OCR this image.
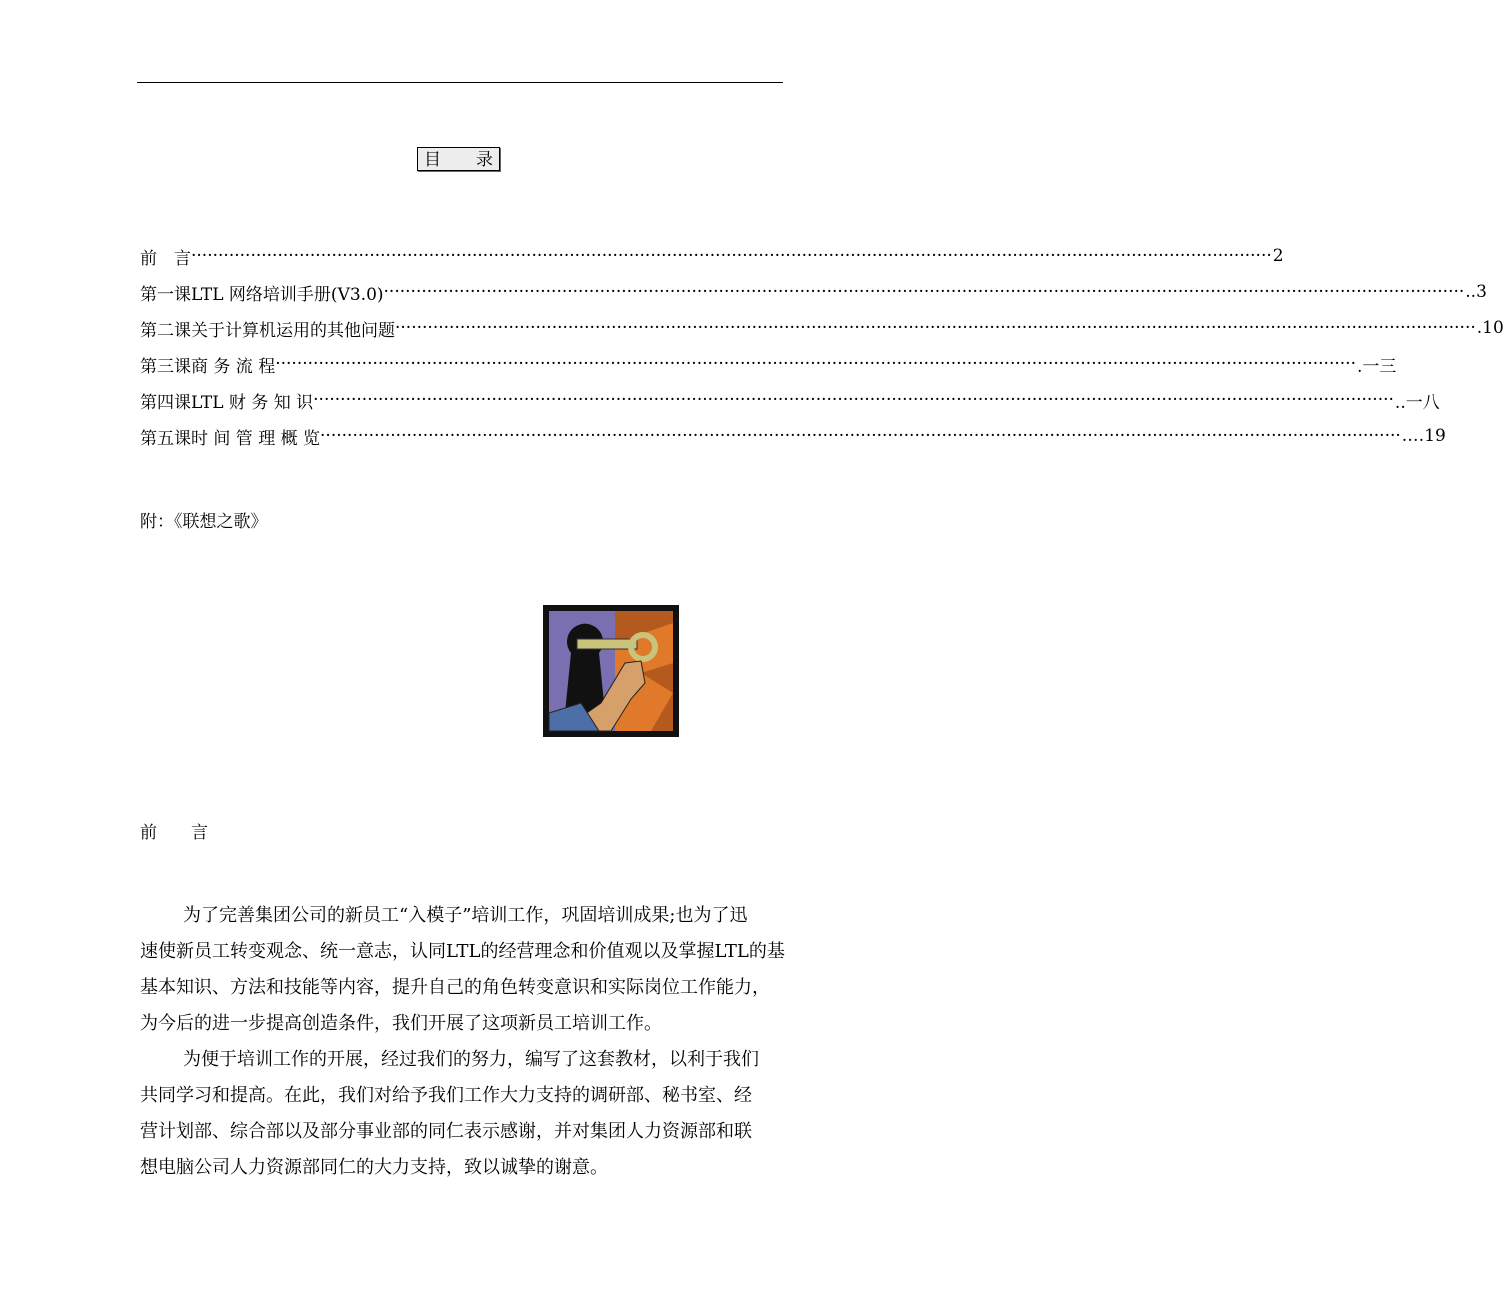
目 录
前　言 ········································································································································································································ 2
第一课 LTL 网络培训手册(V3.0) ········································································································································································································ ..3
第二课 关于计算机运用的其他问题 ········································································································································································································ .10
第三课 商 务 流 程 ········································································································································································································ .一三
第四课 LTL 财 务 知 识 ········································································································································································································ ..一八
第五课 时 间 管 理 概 览 ········································································································································································································ .…19
附：《联想之歌》
前　　言
为了完善集团公司的新员工“入模子”培训工作，巩固培训成果;也为了迅
速使新员工转变观念、统一意志，认同LTL的经营理念和价值观以及掌握LTL的基
基本知识、方法和技能等内容，提升自己的角色转变意识和实际岗位工作能力，
为今后的进一步提高创造条件，我们开展了这项新员工培训工作。
为便于培训工作的开展，经过我们的努力，编写了这套教材，以利于我们
共同学习和提高。在此，我们对给予我们工作大力支持的调研部、秘书室、经
营计划部、综合部以及部分事业部的同仁表示感谢，并对集团人力资源部和联
想电脑公司人力资源部同仁的大力支持，致以诚挚的谢意。
